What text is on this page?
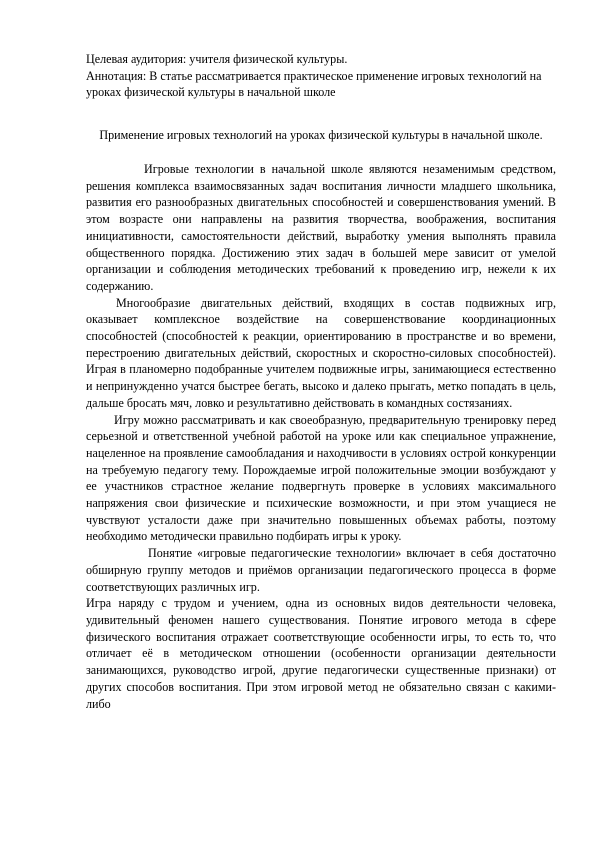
Целевая аудитория: учителя физической культуры.

Аннотация: В статье рассматривается практическое применение игровых технологий на уроках физической культуры в начальной школе

Применение игровых технологий на уроках физической культуры в начальной школе.

Игровые технологии в начальной школе являются незаменимым средством, решения комплекса взаимосвязанных задач воспитания личности младшего школьника, развития его разнообразных двигательных способностей и совершенствования умений. В этом возрасте они направлены на развития творчества, воображения, воспитания инициативности, самостоятельности действий, выработку умения выполнять правила общественного порядка. Достижению этих задач в большей мере зависит от умелой организации и соблюдения методических требований к проведению игр, нежели к их содержанию.

Многообразие двигательных действий, входящих в состав подвижных игр, оказывает комплексное воздействие на совершенствование координационных способностей (способностей к реакции, ориентированию в пространстве и во времени, перестроению двигательных действий, скоростных и скоростно-силовых способностей). Играя в планомерно подобранные учителем подвижные игры, занимающиеся естественно и непринужденно учатся быстрее бегать, высоко и далеко прыгать, метко попадать в цель, дальше бросать мяч, ловко и результативно действовать в командных состязаниях.

Игру можно рассматривать и как своеобразную, предварительную тренировку перед серьезной и ответственной учебной работой на уроке или как специальное упражнение, нацеленное на проявление самообладания и находчивости в условиях острой конкуренции на требуемую педагогу тему. Порождаемые игрой положительные эмоции возбуждают у ее участников страстное желание подвергнуть проверке в условиях максимального напряжения свои физические и психические возможности, и при этом учащиеся не чувствуют усталости даже при значительно повышенных объемах работы, поэтому необходимо методически правильно подбирать игры к уроку.

Понятие «игровые педагогические технологии» включает в себя достаточно обширную группу методов и приёмов организации педагогического процесса в форме соответствующих различных игр.

Игра наряду с трудом и учением, одна из основных видов деятельности человека, удивительный феномен нашего существования. Понятие игрового метода в сфере физического воспитания отражает соответствующие особенности игры, то есть то, что отличает её в методическом отношении (особенности организации деятельности занимающихся, руководство игрой, другие педагогически существенные признаки) от других способов воспитания. При этом игровой метод не обязательно связан с какими-либо
